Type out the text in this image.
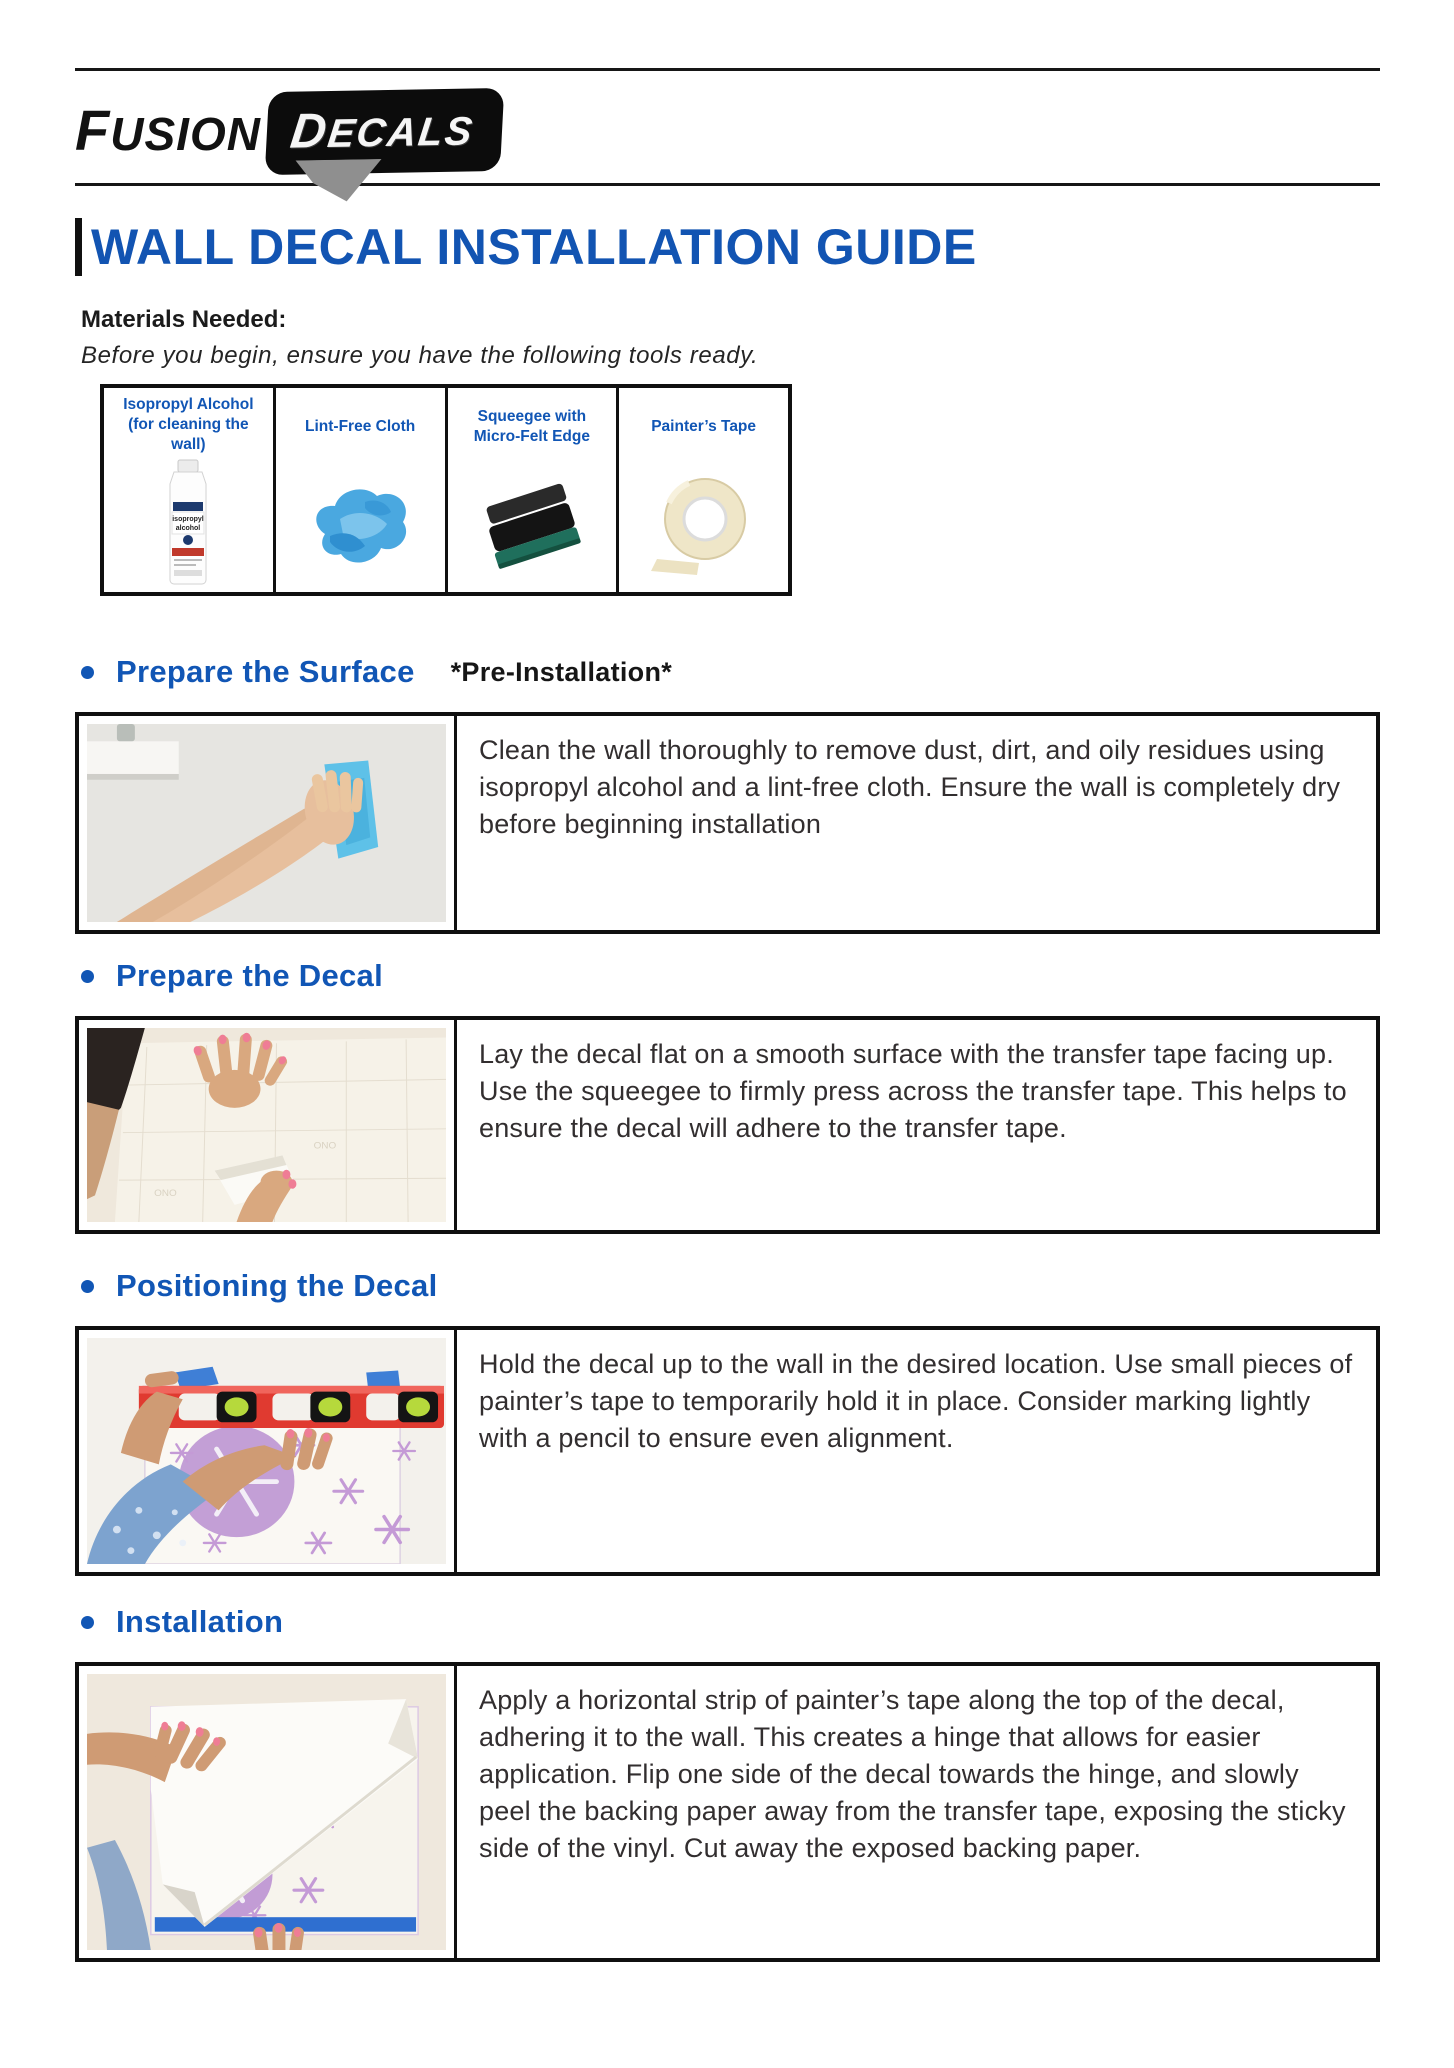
FUSION DECALS
WALL DECAL INSTALLATION GUIDE
Materials Needed:
Before you begin, ensure you have the following tools ready.
Isopropyl Alcohol (for cleaning the wall)
isopropyl
alcohol
Lint-Free Cloth
Squeegee with Micro-Felt Edge
Painter’s Tape
Prepare the Surface *Pre-Installation*
Clean the wall thoroughly to remove dust, dirt, and oily residues using isopropyl alcohol and a lint-free cloth. Ensure the wall is completely dry before beginning installation
Prepare the Decal
ONO
ONO
Lay the decal flat on a smooth surface with the transfer tape facing up. Use the squeegee to firmly press across the transfer tape. This helps to ensure the decal will adhere to the transfer tape.
Positioning the Decal
Hold the decal up to the wall in the desired location. Use small pieces of painter’s tape to temporarily hold it in place. Consider marking lightly with a pencil to ensure even alignment.
Installation
Apply a horizontal strip of painter’s tape along the top of the decal, adhering it to the wall. This creates a hinge that allows for easier application. Flip one side of the decal towards the hinge, and slowly peel the backing paper away from the transfer tape, exposing the sticky side of the vinyl. Cut away the exposed backing paper.
